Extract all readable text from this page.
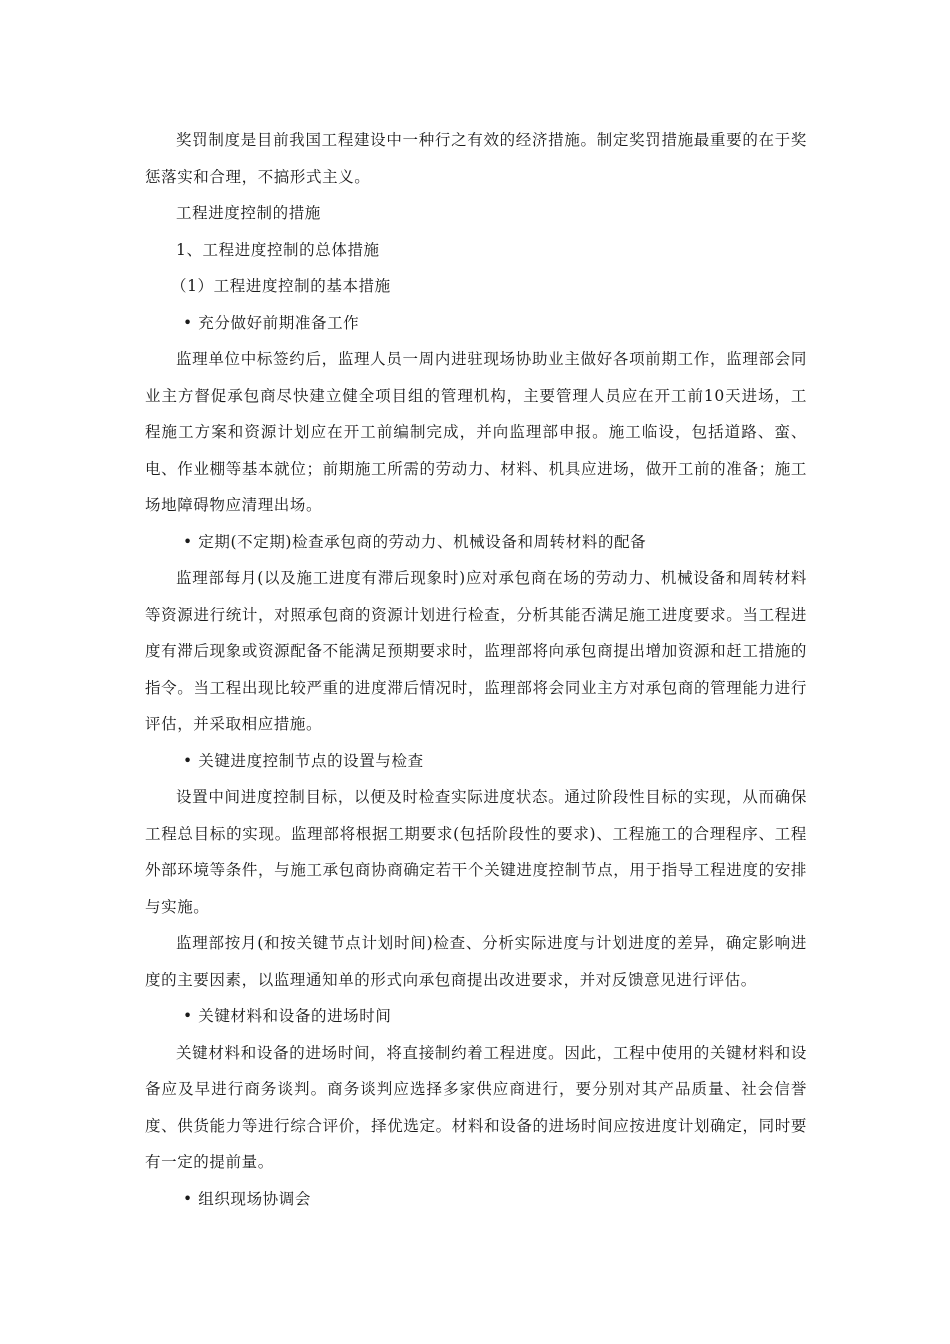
奖罚制度是目前我国工程建设中一种行之有效的经济措施。制定奖罚措施最重要的在于奖惩落实和合理，不搞形式主义。

工程进度控制的措施

1、工程进度控制的总体措施

（1）工程进度控制的基本措施

• 充分做好前期准备工作

监理单位中标签约后，监理人员一周内进驻现场协助业主做好各项前期工作，监理部会同业主方督促承包商尽快建立健全项目组的管理机构，主要管理人员应在开工前10天进场，工程施工方案和资源计划应在开工前编制完成，并向监理部申报。施工临设，包括道路、蛮、电、作业棚等基本就位；前期施工所需的劳动力、材料、机具应进场，做开工前的准备；施工场地障碍物应清理出场。

• 定期(不定期)检查承包商的劳动力、机械设备和周转材料的配备

监理部每月(以及施工进度有滞后现象时)应对承包商在场的劳动力、机械设备和周转材料等资源进行统计，对照承包商的资源计划进行检查，分析其能否满足施工进度要求。当工程进度有滞后现象或资源配备不能满足预期要求时，监理部将向承包商提出增加资源和赶工措施的指令。当工程出现比较严重的进度滞后情况时，监理部将会同业主方对承包商的管理能力进行评估，并采取相应措施。

• 关键进度控制节点的设置与检查

设置中间进度控制目标，以便及时检查实际进度状态。通过阶段性目标的实现，从而确保工程总目标的实现。监理部将根据工期要求(包括阶段性的要求)、工程施工的合理程序、工程外部环境等条件，与施工承包商协商确定若干个关键进度控制节点，用于指导工程进度的安排与实施。

监理部按月(和按关键节点计划时间)检查、分析实际进度与计划进度的差异，确定影响进度的主要因素，以监理通知单的形式向承包商提出改进要求，并对反馈意见进行评估。

• 关键材料和设备的进场时间

关键材料和设备的进场时间，将直接制约着工程进度。因此，工程中使用的关键材料和设备应及早进行商务谈判。商务谈判应选择多家供应商进行，要分别对其产品质量、社会信誉度、供货能力等进行综合评价，择优选定。材料和设备的进场时间应按进度计划确定，同时要有一定的提前量。

• 组织现场协调会
